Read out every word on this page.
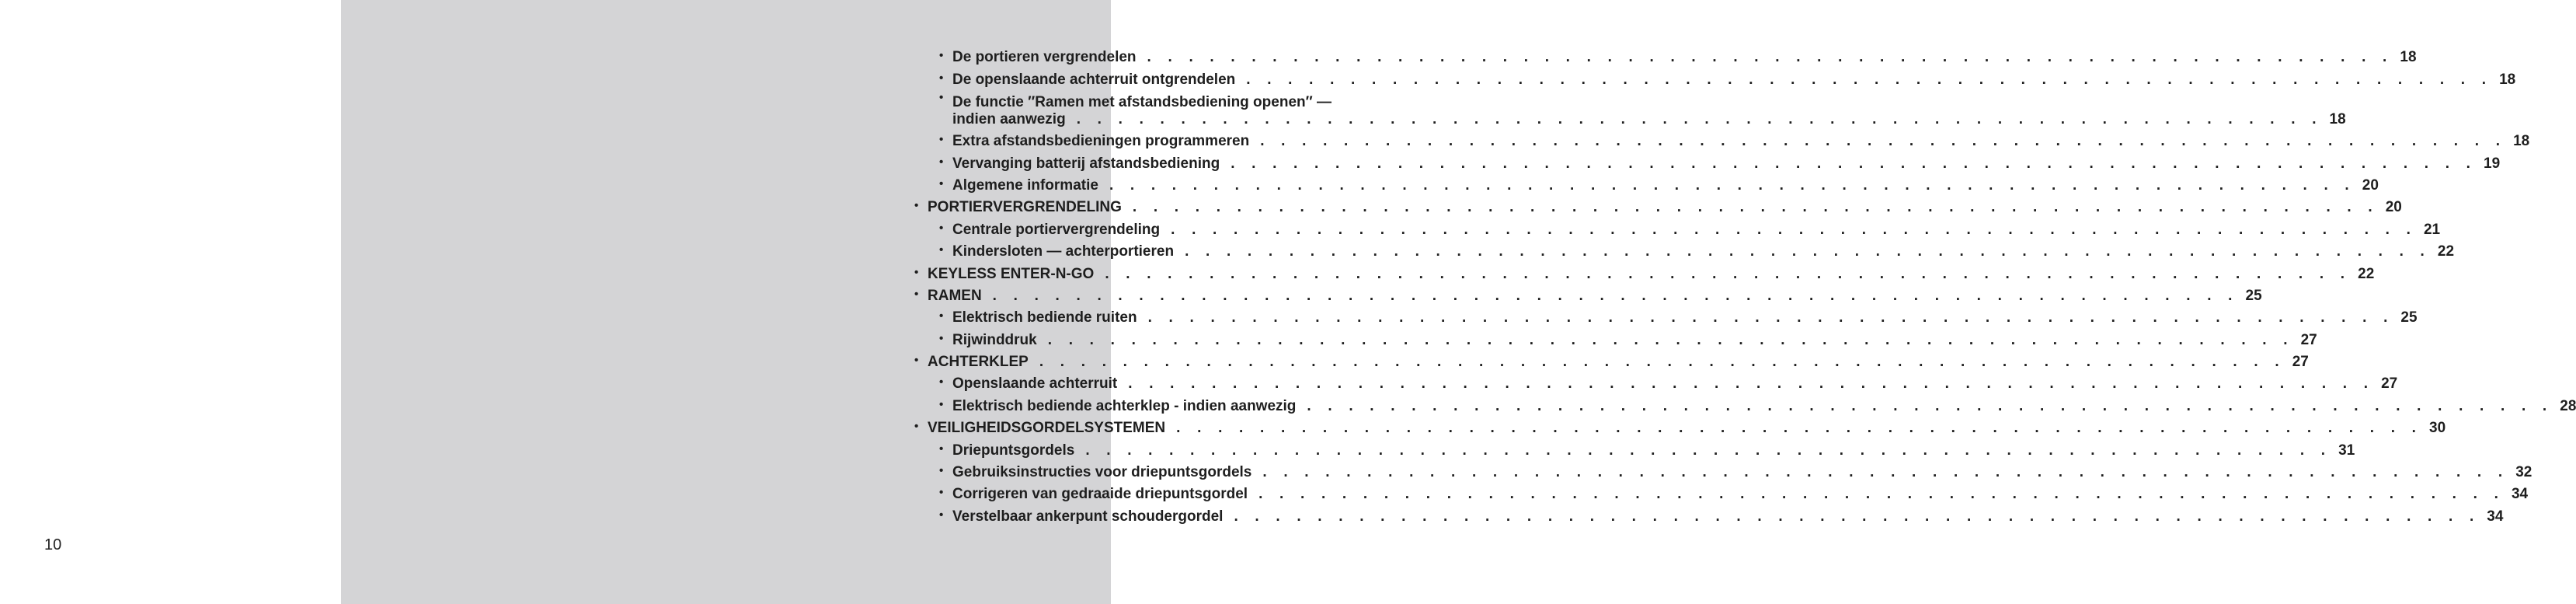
• De portieren vergrendelen . . . . . . . . . . . . . . . . . . . . . . . . . . . . . . . . . . . . . . . . . . . . . . . . . . . . . . . . . . . . 18
• De openslaande achterruit ontgrendelen . . . . . . . . . . . . . . . . . . . . . . . . . . . . . . . . . . . . . . . . . . . . . . . . . . . . . . . . . . . . 18
• De functie ″Ramen met afstandsbediening openen″ —
indien aanwezig . . . . . . . . . . . . . . . . . . . . . . . . . . . . . . . . . . . . . . . . . . . . . . . . . . . . . . . . . . . . 18
• Extra afstandsbedieningen programmeren . . . . . . . . . . . . . . . . . . . . . . . . . . . . . . . . . . . . . . . . . . . . . . . . . . . . . . . . . . . . 18
• Vervanging batterij afstandsbediening . . . . . . . . . . . . . . . . . . . . . . . . . . . . . . . . . . . . . . . . . . . . . . . . . . . . . . . . . . . . 19
• Algemene informatie . . . . . . . . . . . . . . . . . . . . . . . . . . . . . . . . . . . . . . . . . . . . . . . . . . . . . . . . . . . . 20
• PORTIERVERGRENDELING . . . . . . . . . . . . . . . . . . . . . . . . . . . . . . . . . . . . . . . . . . . . . . . . . . . . . . . . . . . . 20
• Centrale portiervergrendeling . . . . . . . . . . . . . . . . . . . . . . . . . . . . . . . . . . . . . . . . . . . . . . . . . . . . . . . . . . . . 21
• Kindersloten — achterportieren . . . . . . . . . . . . . . . . . . . . . . . . . . . . . . . . . . . . . . . . . . . . . . . . . . . . . . . . . . . . 22
• KEYLESS ENTER-N-GO . . . . . . . . . . . . . . . . . . . . . . . . . . . . . . . . . . . . . . . . . . . . . . . . . . . . . . . . . . . . 22
• RAMEN . . . . . . . . . . . . . . . . . . . . . . . . . . . . . . . . . . . . . . . . . . . . . . . . . . . . . . . . . . . . 25
• Elektrisch bediende ruiten . . . . . . . . . . . . . . . . . . . . . . . . . . . . . . . . . . . . . . . . . . . . . . . . . . . . . . . . . . . . 25
• Rijwinddruk . . . . . . . . . . . . . . . . . . . . . . . . . . . . . . . . . . . . . . . . . . . . . . . . . . . . . . . . . . . . 27
• ACHTERKLEP . . . . . . . . . . . . . . . . . . . . . . . . . . . . . . . . . . . . . . . . . . . . . . . . . . . . . . . . . . . . 27
• Openslaande achterruit . . . . . . . . . . . . . . . . . . . . . . . . . . . . . . . . . . . . . . . . . . . . . . . . . . . . . . . . . . . . 27
• Elektrisch bediende achterklep - indien aanwezig . . . . . . . . . . . . . . . . . . . . . . . . . . . . . . . . . . . . . . . . . . . . . . . . . . . . . . . . . . . . 28
• VEILIGHEIDSGORDELSYSTEMEN . . . . . . . . . . . . . . . . . . . . . . . . . . . . . . . . . . . . . . . . . . . . . . . . . . . . . . . . . . . . 30
• Driepuntsgordels . . . . . . . . . . . . . . . . . . . . . . . . . . . . . . . . . . . . . . . . . . . . . . . . . . . . . . . . . . . . 31
• Gebruiksinstructies voor driepuntsgordels . . . . . . . . . . . . . . . . . . . . . . . . . . . . . . . . . . . . . . . . . . . . . . . . . . . . . . . . . . . . 32
• Corrigeren van gedraaide driepuntsgordel . . . . . . . . . . . . . . . . . . . . . . . . . . . . . . . . . . . . . . . . . . . . . . . . . . . . . . . . . . . . 34
• Verstelbaar ankerpunt schoudergordel . . . . . . . . . . . . . . . . . . . . . . . . . . . . . . . . . . . . . . . . . . . . . . . . . . . . . . . . . . . . 34
10
